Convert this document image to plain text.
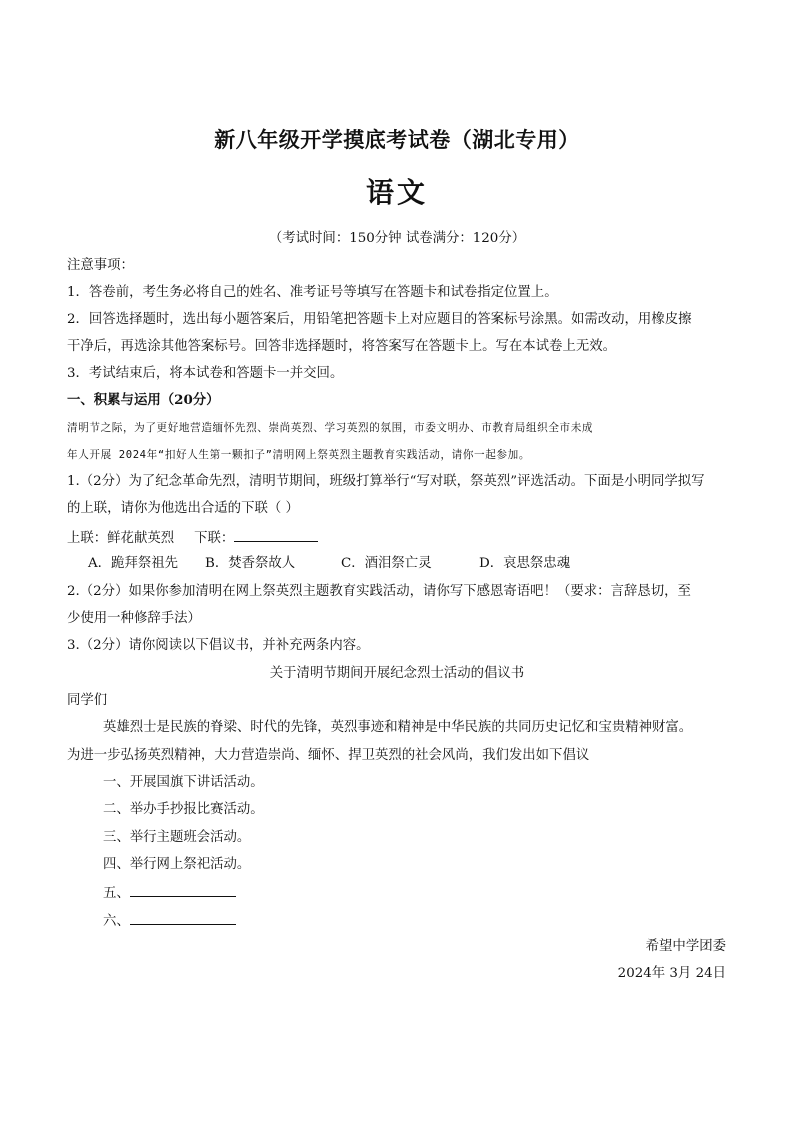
新八年级开学摸底考试卷（湖北专用）
语文
（考试时间：150分钟 试卷满分：120分）
注意事项：
1．答卷前，考生务必将自己的姓名、准考证号等填写在答题卡和试卷指定位置上。
2．回答选择题时，选出每小题答案后，用铅笔把答题卡上对应题目的答案标号涂黑。如需改动，用橡皮擦
干净后，再选涂其他答案标号。回答非选择题时，将答案写在答题卡上。写在本试卷上无效。
3．考试结束后，将本试卷和答题卡一并交回。
一、积累与运用（20分）
清明节之际，为了更好地营造缅怀先烈、崇尚英烈、学习英烈的氛围，市委文明办、市教育局组织全市未成
年人开展 2024年“扣好人生第一颗扣子”清明网上祭英烈主题教育实践活动，请你一起参加。
1.（2分）为了纪念革命先烈，清明节期间，班级打算举行“写对联，祭英烈”评选活动。下面是小明同学拟写
的上联，请你为他选出合适的下联（ ）
上联：鲜花献英烈 下联：
A．跪拜祭祖先 B．焚香祭故人	C．酒泪祭亡灵	D．哀思祭忠魂
2.（2分）如果你参加清明在网上祭英烈主题教育实践活动，请你写下感恩寄语吧！（要求：言辞恳切，至
少使用一种修辞手法）
3.（2分）请你阅读以下倡议书，并补充两条内容。
关于清明节期间开展纪念烈士活动的倡议书
同学们
英雄烈士是民族的脊梁、时代的先锋，英烈事迹和精神是中华民族的共同历史记忆和宝贵精神财富。
为进一步弘扬英烈精神，大力营造崇尚、缅怀、捍卫英烈的社会风尚，我们发出如下倡议
一、开展国旗下讲话活动。
二、举办手抄报比赛活动。
三、举行主题班会活动。
四、举行网上祭祀活动。
五、
六、
希望中学团委
2024年 3月 24日
